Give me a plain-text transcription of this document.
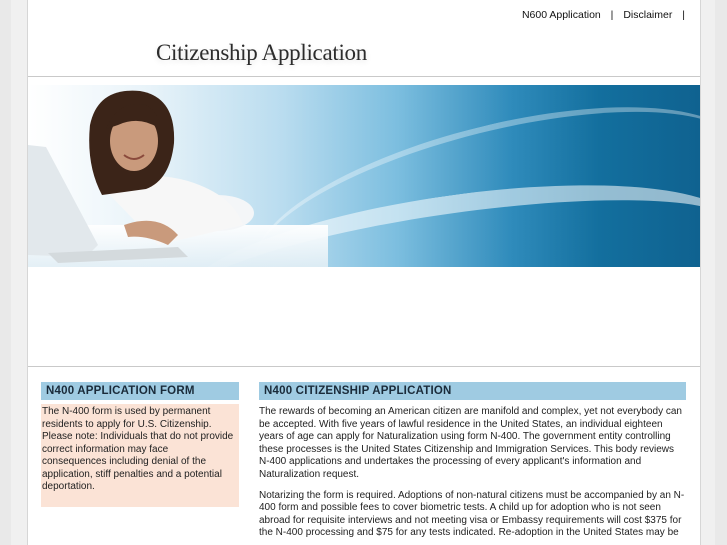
N600 Application | Disclaimer |
Citizenship Application
N400 APPLICATION FORM
The N-400 form is used by permanent residents to apply for U.S. Citizenship. Please note: Individuals that do not provide correct information may face consequences including denial of the application, stiff penalties and a potential deportation.
N400 CITIZENSHIP APPLICATION

The rewards of becoming an American citizen are manifold and complex, yet not everybody can be accepted. With five years of lawful residence in the United States, an individual eighteen years of age can apply for Naturalization using form N-400. The government entity controlling these processes is the United States Citizenship and Immigration Services. This body reviews N-400 applications and undertakes the processing of every applicant's information and Naturalization request.

Notarizing the form is required. Adoptions of non-natural citizens must be accompanied by an N-400 form and possible fees to cover biometric tests. A child up for adoption who is not seen abroad for requisite interviews and not meeting visa or Embassy requirements will cost $375 for the N-400 processing and $75 for any tests indicated. Re-adoption in the United States may be
